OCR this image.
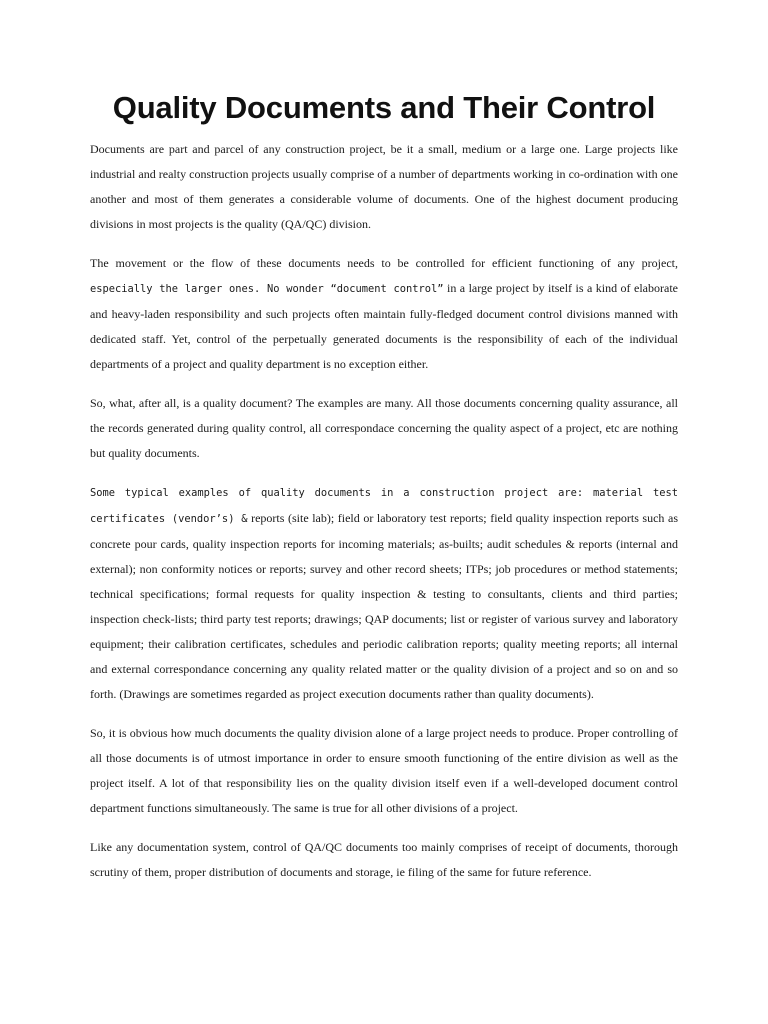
Quality Documents and Their Control

Documents are part and parcel of any construction project, be it a small, medium or a large one. Large projects like industrial and realty construction projects usually comprise of a number of departments working in co-ordination with one another and most of them generates a considerable volume of documents. One of the highest document producing divisions in most projects is the quality (QA/QC) division.

The movement or the flow of these documents needs to be controlled for efficient functioning of any project, especially the larger ones. No wonder “document control” in a large project by itself is a kind of elaborate and heavy-laden responsibility and such projects often maintain fully-fledged document control divisions manned with dedicated staff. Yet, control of the perpetually generated documents is the responsibility of each of the individual departments of a project and quality department is no exception either.

So, what, after all, is a quality document? The examples are many. All those documents concerning quality assurance, all the records generated during quality control, all correspondace concerning the quality aspect of a project, etc are nothing but quality documents.

Some typical examples of quality documents in a construction project are: material test certificates (vendor’s) & reports (site lab); field or laboratory test reports; field quality inspection reports such as concrete pour cards, quality inspection reports for incoming materials; as-builts; audit schedules & reports (internal and external); non conformity notices or reports; survey and other record sheets; ITPs; job procedures or method statements; technical specifications; formal requests for quality inspection & testing to consultants, clients and third parties; inspection check-lists; third party test reports; drawings; QAP documents; list or register of various survey and laboratory equipment; their calibration certificates, schedules and periodic calibration reports; quality meeting reports; all internal and external correspondance concerning any quality related matter or the quality division of a project and so on and so forth. (Drawings are sometimes regarded as project execution documents rather than quality documents).

So, it is obvious how much documents the quality division alone of a large project needs to produce. Proper controlling of all those documents is of utmost importance in order to ensure smooth functioning of the entire division as well as the project itself. A lot of that responsibility lies on the quality division itself even if a well-developed document control department functions simultaneously. The same is true for all other divisions of a project.

Like any documentation system, control of QA/QC documents too mainly comprises of receipt of documents, thorough scrutiny of them, proper distribution of documents and storage, ie filing of the same for future reference.
